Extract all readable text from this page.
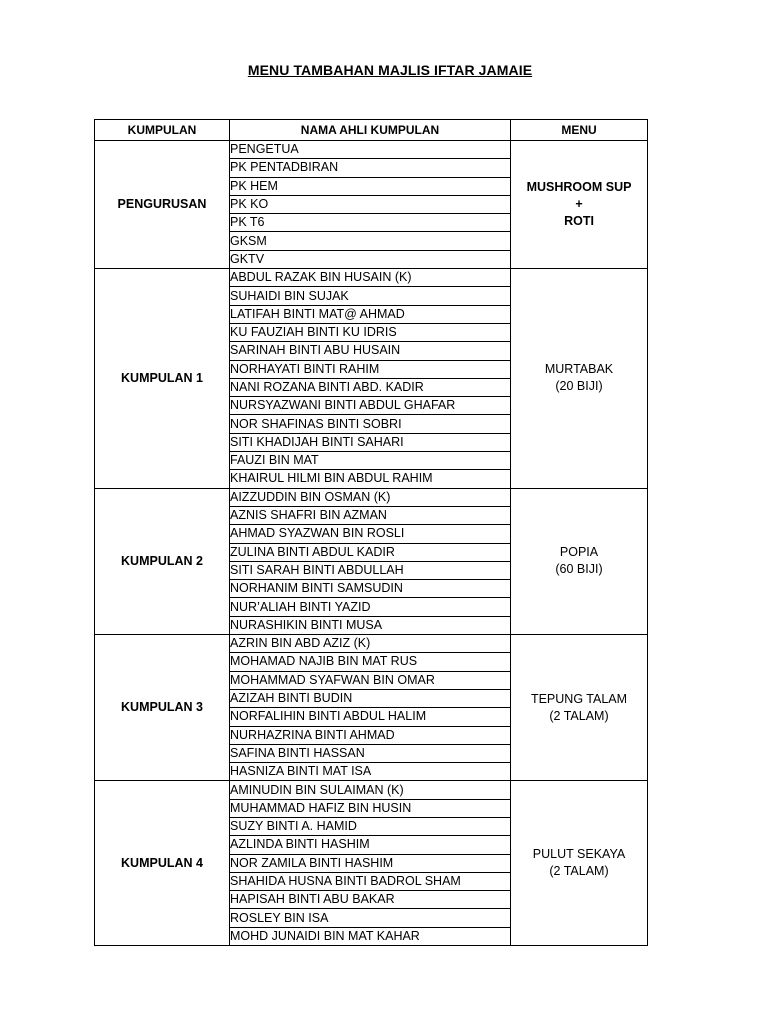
MENU TAMBAHAN MAJLIS IFTAR JAMAIE
KUMPULAN	NAMA AHLI KUMPULAN	MENU
PENGURUSAN	PENGETUA	MUSHROOM SUP
+
ROTI

	PK PENTADBIRAN	
	PK HEM	
	PK KO	
	PK T6	
	GKSM	
	GKTV	
KUMPULAN 1	ABDUL RAZAK BIN HUSAIN (K)	MURTABAK
(20 BIJI)

	SUHAIDI BIN SUJAK	
	LATIFAH BINTI MAT@ AHMAD	
	KU FAUZIAH BINTI KU IDRIS	
	SARINAH BINTI ABU HUSAIN	
	NORHAYATI BINTI RAHIM	
	NANI ROZANA BINTI ABD. KADIR	
	NURSYAZWANI BINTI ABDUL GHAFAR	
	NOR SHAFINAS BINTI SOBRI	
	SITI KHADIJAH BINTI SAHARI	
	FAUZI BIN MAT	
	KHAIRUL HILMI BIN ABDUL RAHIM	
KUMPULAN 2	AIZZUDDIN BIN OSMAN (K)	POPIA
(60 BIJI)

	AZNIS SHAFRI BIN AZMAN	
	AHMAD SYAZWAN BIN ROSLI	
	ZULINA BINTI ABDUL KADIR	
	SITI SARAH BINTI ABDULLAH	
	NORHANIM BINTI SAMSUDIN	
	NUR’ALIAH BINTI YAZID	
	NURASHIKIN BINTI MUSA	
KUMPULAN 3	AZRIN BIN ABD AZIZ (K)	TEPUNG TALAM
(2 TALAM)

	MOHAMAD NAJIB BIN MAT RUS	
	MOHAMMAD SYAFWAN BIN OMAR	
	AZIZAH BINTI BUDIN	
	NORFALIHIN BINTI ABDUL HALIM	
	NURHAZRINA BINTI AHMAD	
	SAFINA BINTI HASSAN	
	HASNIZA BINTI MAT ISA	
KUMPULAN 4	AMINUDIN BIN SULAIMAN (K)	PULUT SEKAYA
(2 TALAM)

	MUHAMMAD HAFIZ BIN HUSIN	
	SUZY BINTI A. HAMID	
	AZLINDA BINTI HASHIM	
	NOR ZAMILA BINTI HASHIM	
	SHAHIDA HUSNA BINTI BADROL SHAM	
	HAPISAH BINTI ABU BAKAR	
	ROSLEY BIN ISA	
	MOHD JUNAIDI BIN MAT KAHAR	
